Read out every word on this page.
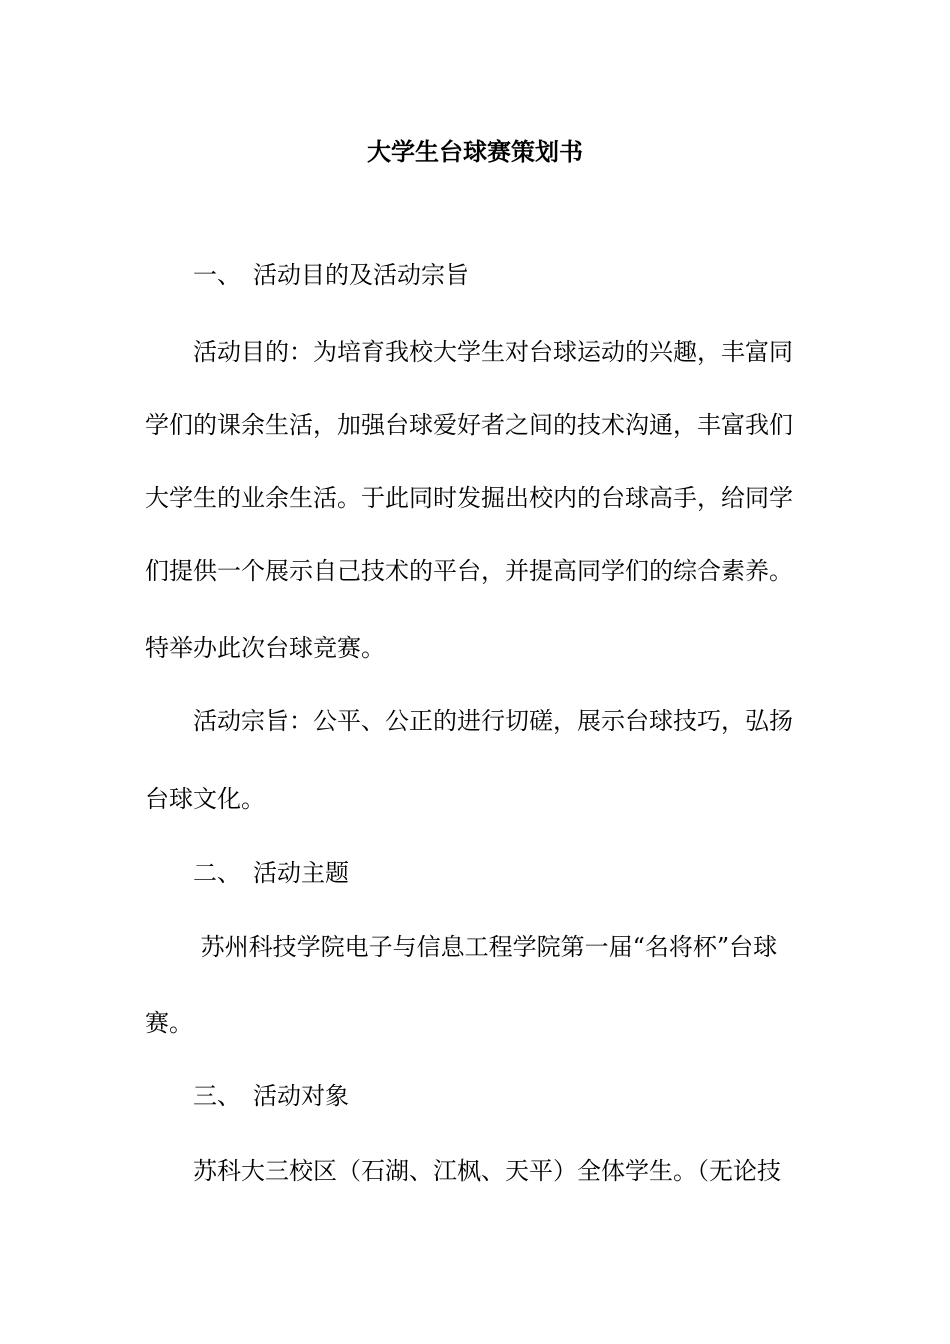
大学生台球赛策划书
一、 活动目的及活动宗旨
活动目的：为培育我校大学生对台球运动的兴趣，丰富同
学们的课余生活，加强台球爱好者之间的技术沟通，丰富我们
大学生的业余生活。于此同时发掘出校内的台球高手，给同学
们提供一个展示自己技术的平台，并提高同学们的综合素养。
特举办此次台球竞赛。
活动宗旨：公平、公正的进行切磋，展示台球技巧，弘扬
台球文化。
二、 活动主题
苏州科技学院电子与信息工程学院第一届“名将杯”台球
赛。
三、 活动对象
苏科大三校区（石湖、江枫、天平）全体学生。（无论技
